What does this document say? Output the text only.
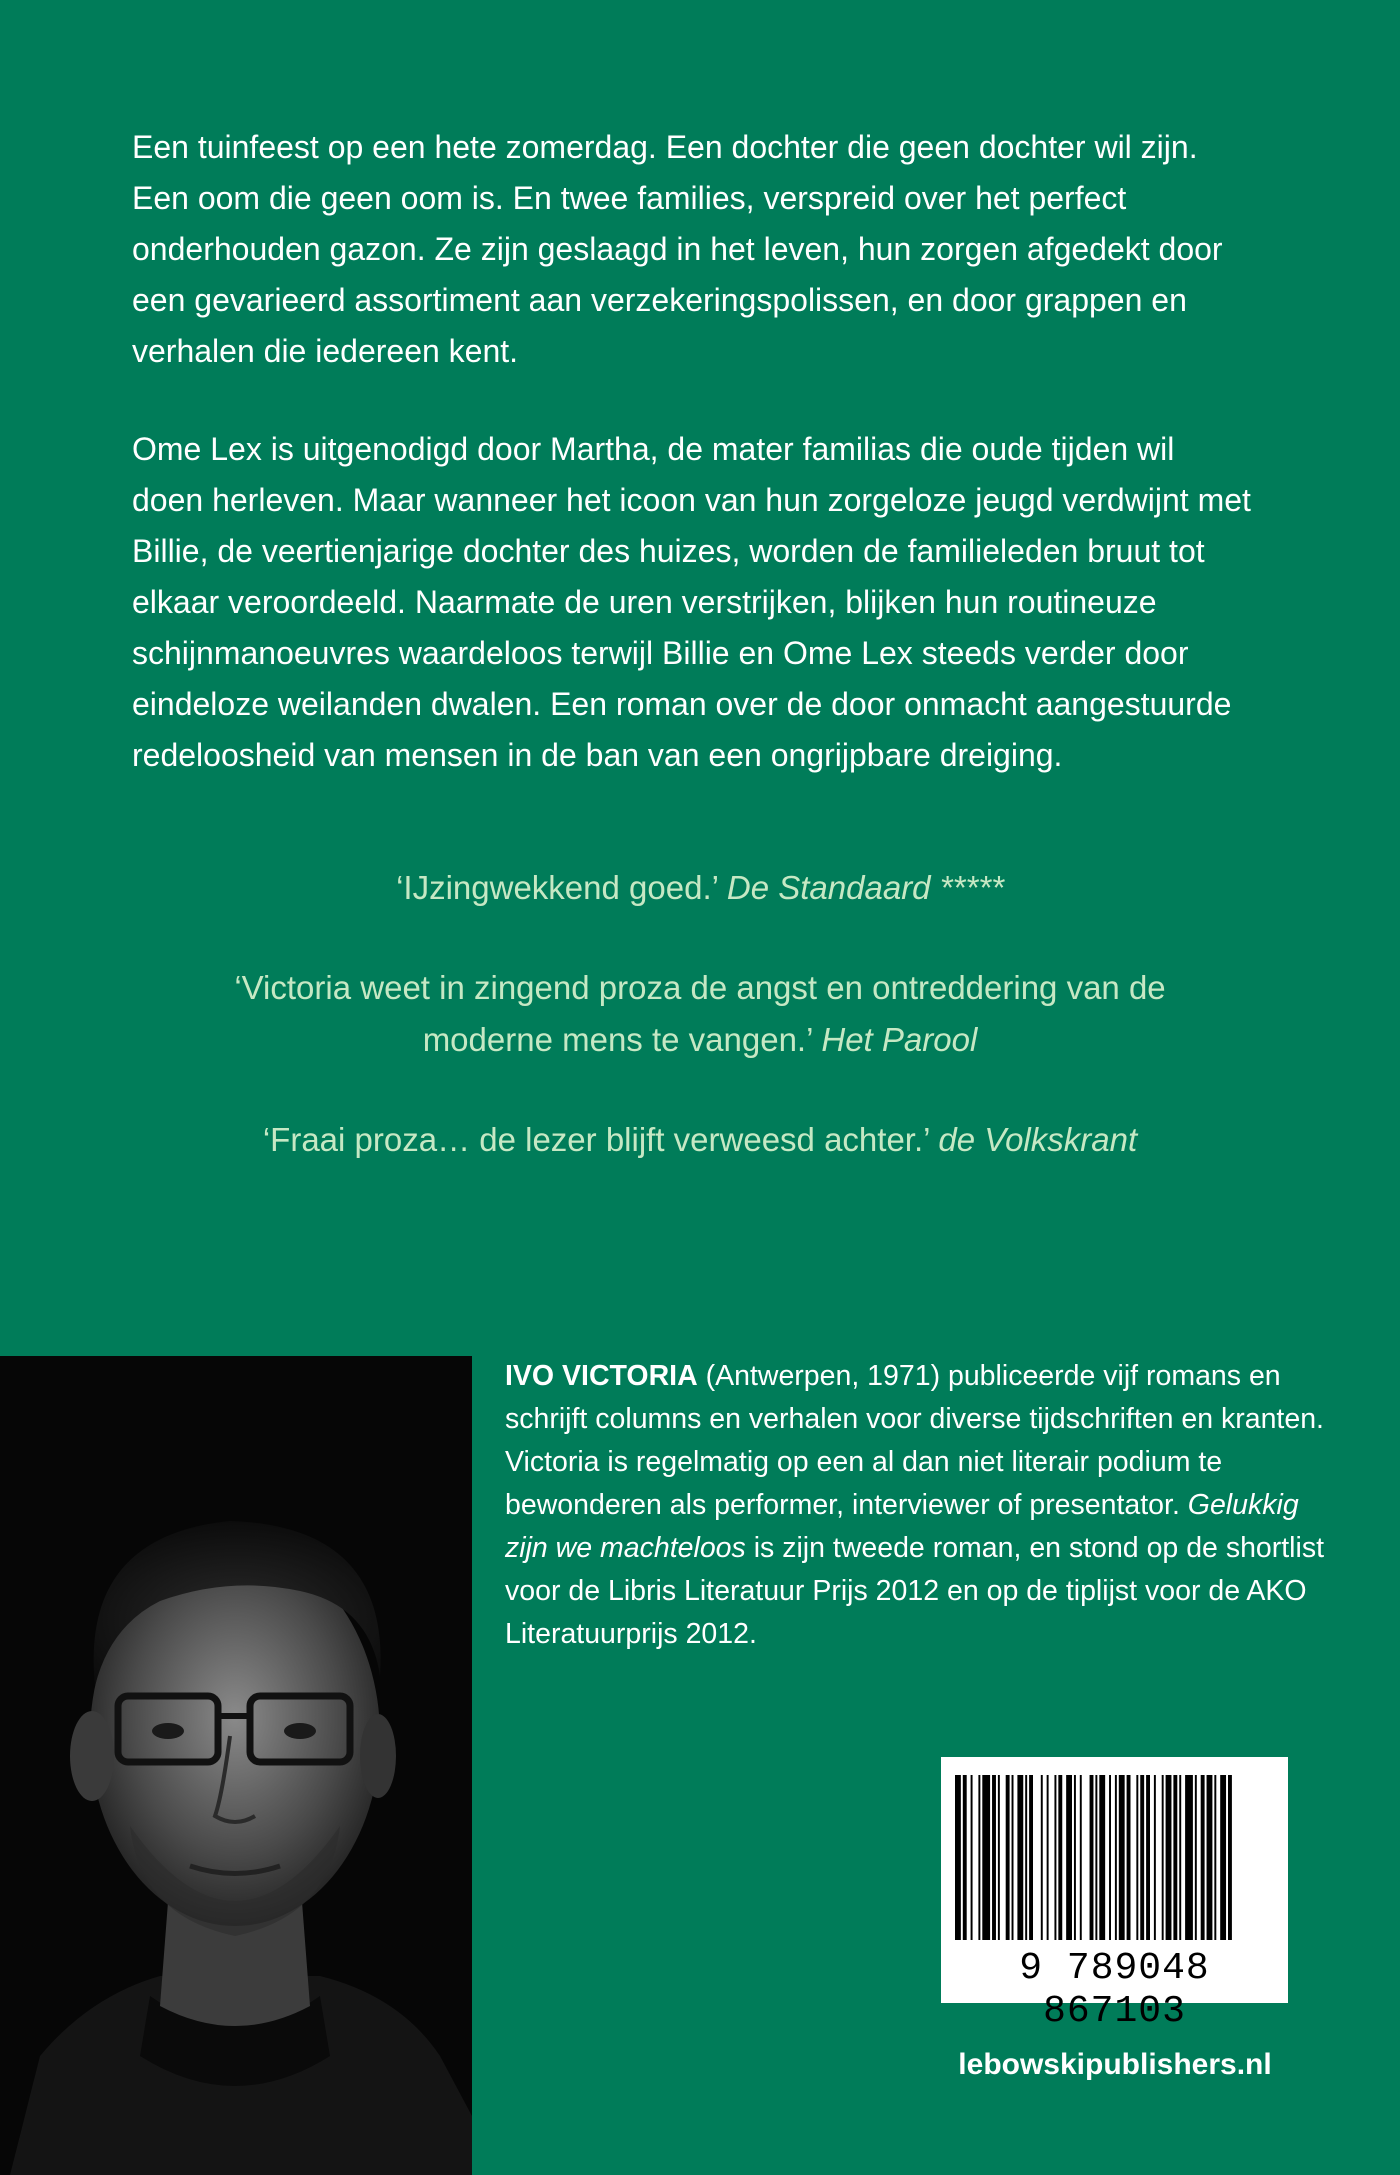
Een tuinfeest op een hete zomerdag. Een dochter die geen dochter wil zijn. Een oom die geen oom is. En twee families, verspreid over het perfect onderhouden gazon. Ze zijn geslaagd in het leven, hun zorgen afgedekt door een gevarieerd assortiment aan verzekeringspolissen, en door grappen en verhalen die iedereen kent.

Ome Lex is uitgenodigd door Martha, de mater familias die oude tijden wil doen herleven. Maar wanneer het icoon van hun zorgeloze jeugd verdwijnt met Billie, de veertienjarige dochter des huizes, worden de familieleden bruut tot elkaar veroordeeld. Naarmate de uren verstrijken, blijken hun routineuze schijnmanoeuvres waardeloos terwijl Billie en Ome Lex steeds verder door eindeloze weilanden dwalen. Een roman over de door onmacht aangestuurde redeloosheid van mensen in de ban van een ongrijpbare dreiging.

‘IJzingwekkend goed.’ De Standaard *****
‘Victoria weet in zingend proza de angst en ontreddering van de moderne mens te vangen.’ Het Parool
‘Fraai proza… de lezer blijft verweesd achter.’ de Volkskrant
IVO VICTORIA (Antwerpen, 1971) publiceerde vijf romans en schrijft columns en verhalen voor diverse tijdschriften en kranten. Victoria is regelmatig op een al dan niet literair podium te bewonderen als performer, interviewer of presentator. Gelukkig zijn we machteloos is zijn tweede roman, en stond op de shortlist voor de Libris Literatuur Prijs 2012 en op de tiplijst voor de AKO Literatuurprijs 2012.
9 789048 867103
lebowskipublishers.nl
